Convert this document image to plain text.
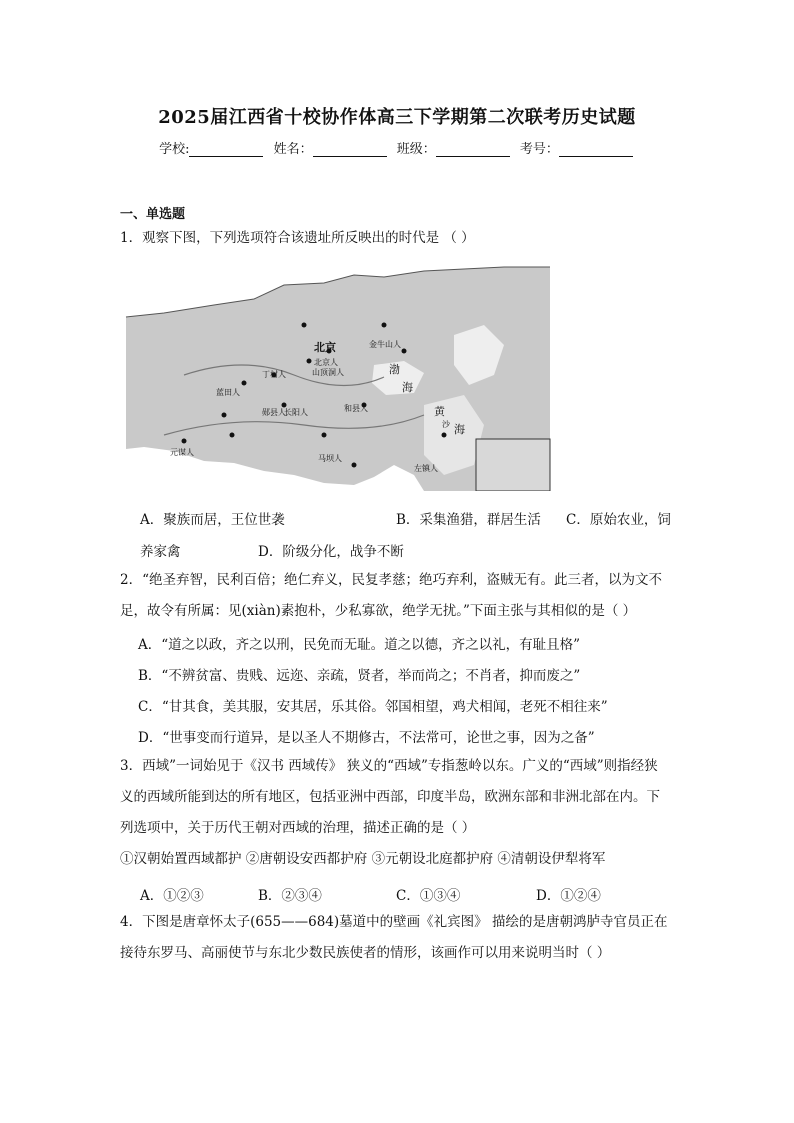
2025届江西省十校协作体高三下学期第二次联考历史试题
学校:	姓名：	班级：	考号：
一、单选题
1．观察下图，下列选项符合该遗址所反映出的时代是 （ ）
北京	金牛山人
北京人
山顶洞人
丁村人	渤
海
黄
海
和县人
蓝田人
郧县人
长阳人
元谋人
马坝人
左镇人
沙
A．聚族而居，王位世袭	B．采集渔猎，群居生活 C．原始农业，饲
养家禽	D．阶级分化，战争不断
2．“绝圣弃智，民利百倍；绝仁弃义，民复孝慈；绝巧弃利，盗贼无有。此三者，以为文不
足，故令有所属：见(xiàn)素抱朴，少私寡欲，绝学无扰。”下面主张与其相似的是（ ）
A．“道之以政，齐之以刑，民免而无耻。道之以德，齐之以礼，有耻且格”
B．“不辨贫富、贵贱、远迩、亲疏，贤者，举而尚之；不肖者，抑而废之”
C．“甘其食，美其服，安其居，乐其俗。邻国相望，鸡犬相闻，老死不相往来”
D．“世事变而行道异，是以圣人不期修古，不法常可，论世之事，因为之备”
3．西域”一词始见于《汉书 西域传》 狭义的“西域”专指葱岭以东。广义的“西域”则指经狭
义的西域所能到达的所有地区，包括亚洲中西部，印度半岛，欧洲东部和非洲北部在内。下
列选项中，关于历代王朝对西域的治理，描述正确的是（ ）
①汉朝始置西域都护 ②唐朝设安西都护府 ③元朝设北庭都护府 ④清朝设伊犁将军
A．①②③	B．②③④	C．①③④	D．①②④
4．下图是唐章怀太子(655——684)墓道中的壁画《礼宾图》 描绘的是唐朝鸿胪寺官员正在
接待东罗马、高丽使节与东北少数民族使者的情形，该画作可以用来说明当时（ ）
